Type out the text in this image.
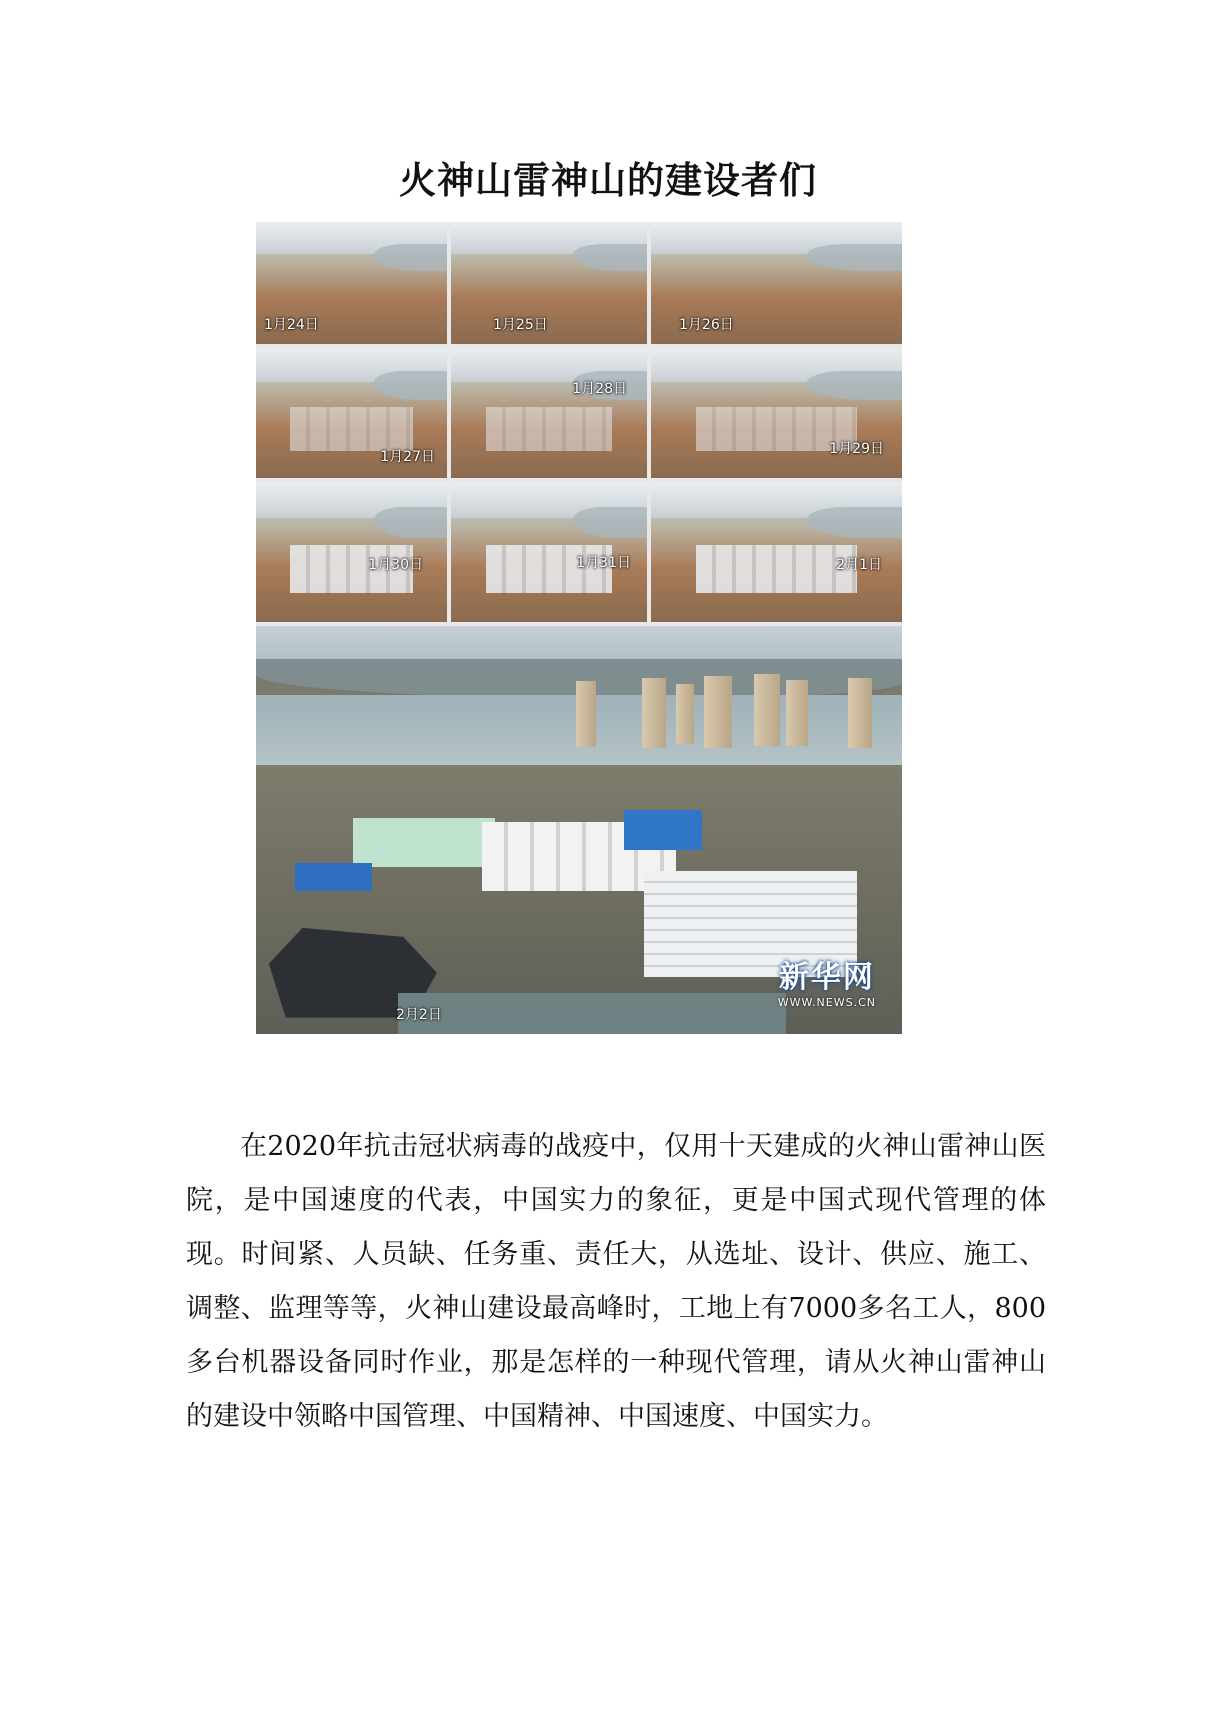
火神山雷神山的建设者们
1月24日	1月25日	1月26日
1月27日
1月28日
1月29日
1月30日	1月31日	2月1日
2月2日
新华网
WWW.NEWS.CN

在2020年抗击冠状病毒的战疫中，仅用十天建成的火神山雷神山医院，是中国速度的代表，中国实力的象征，更是中国式现代管理的体现。时间紧、人员缺、任务重、责任大，从选址、设计、供应、施工、调整、监理等等，火神山建设最高峰时，工地上有7000多名工人，800多台机器设备同时作业，那是怎样的一种现代管理，请从火神山雷神山的建设中领略中国管理、中国精神、中国速度、中国实力。
